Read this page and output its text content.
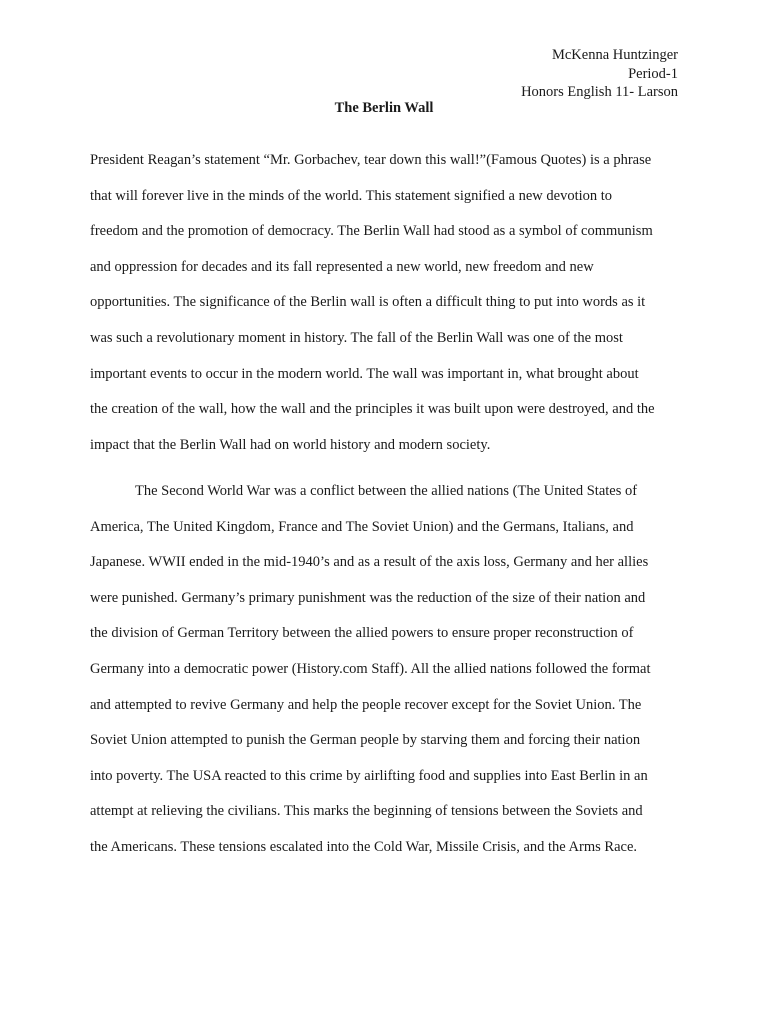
McKenna Huntzinger
Period-1
Honors English 11- Larson
The Berlin Wall
President Reagan’s statement “Mr. Gorbachev, tear down this wall!”(Famous Quotes) is a phrase
that will forever live in the minds of the world. This statement signified a new devotion to
freedom and the promotion of democracy. The Berlin Wall had stood as a symbol of communism
and oppression for decades and its fall represented a new world, new freedom and new
opportunities. The significance of the Berlin wall is often a difficult thing to put into words as it
was such a revolutionary moment in history. The fall of the Berlin Wall was one of the most
important events to occur in the modern world. The wall was important in, what brought about
the creation of the wall, how the wall and the principles it was built upon were destroyed, and the
impact that the Berlin Wall had on world history and modern society.
The Second World War was a conflict between the allied nations (The United States of
America, The United Kingdom, France and The Soviet Union) and the Germans, Italians, and
Japanese. WWII ended in the mid-1940’s and as a result of the axis loss, Germany and her allies
were punished. Germany’s primary punishment was the reduction of the size of their nation and
the division of German Territory between the allied powers to ensure proper reconstruction of
Germany into a democratic power (History.com Staff). All the allied nations followed the format
and attempted to revive Germany and help the people recover except for the Soviet Union. The
Soviet Union attempted to punish the German people by starving them and forcing their nation
into poverty. The USA reacted to this crime by airlifting food and supplies into East Berlin in an
attempt at relieving the civilians. This marks the beginning of tensions between the Soviets and
the Americans. These tensions escalated into the Cold War, Missile Crisis, and the Arms Race.
